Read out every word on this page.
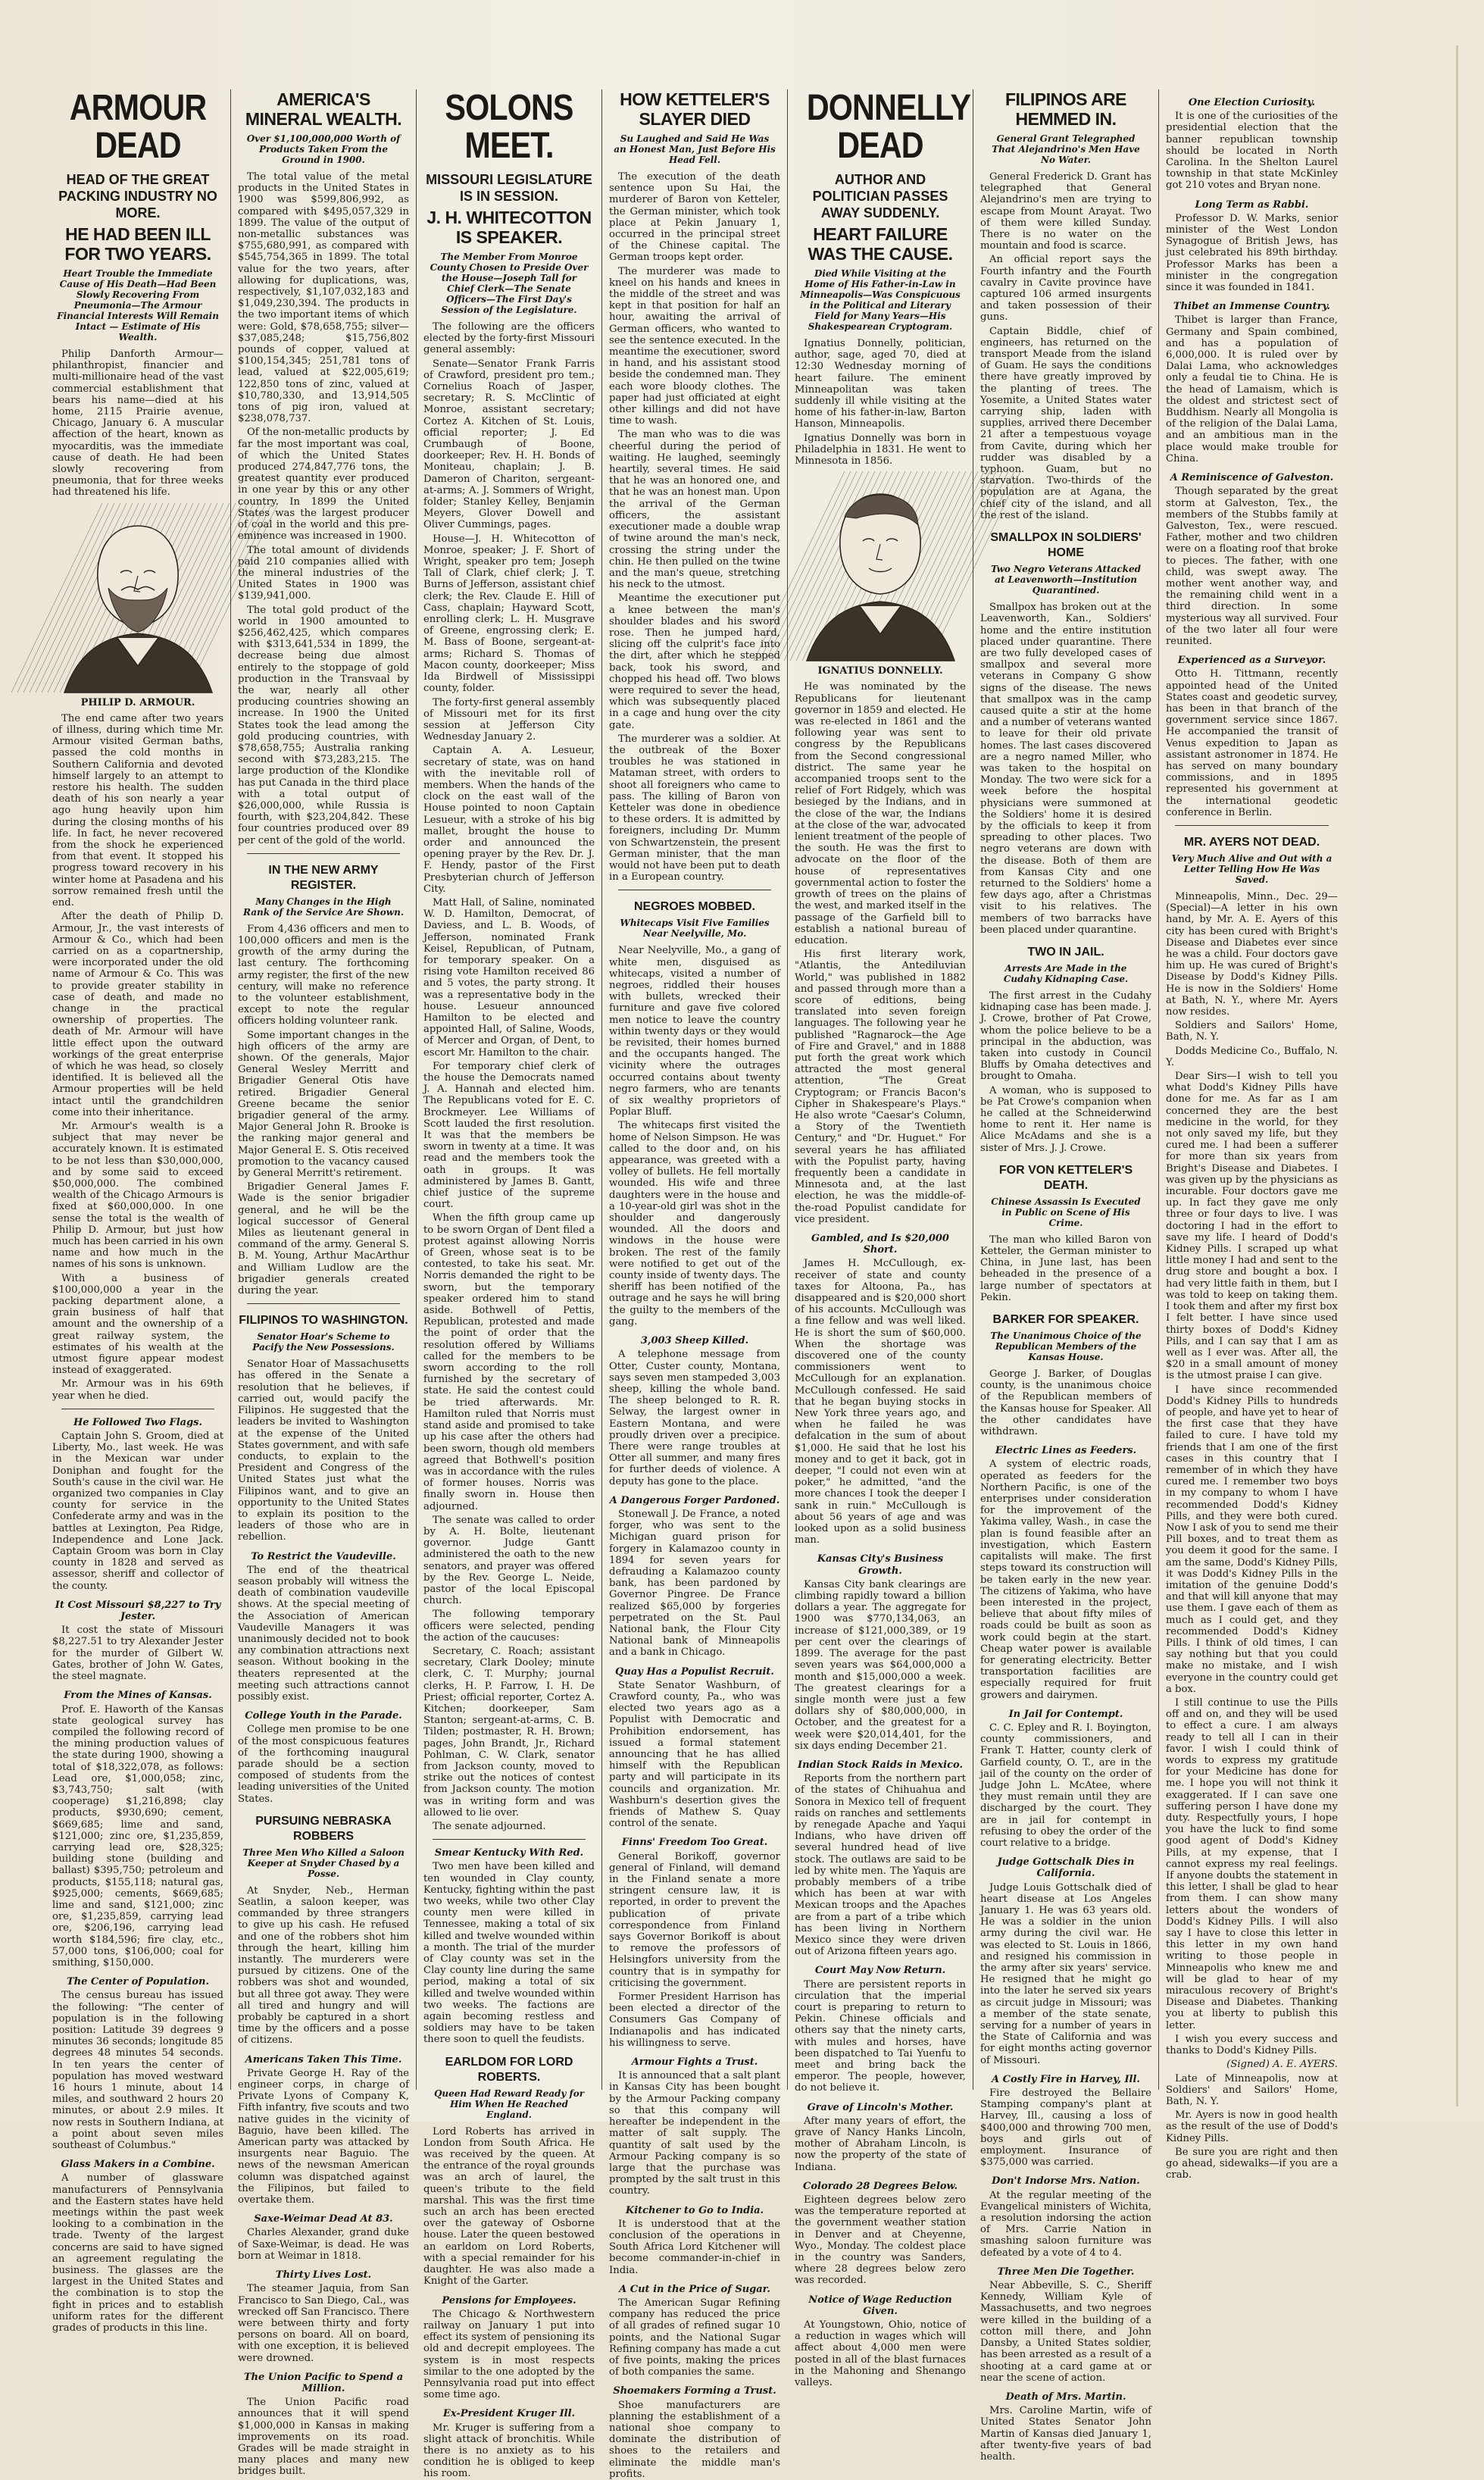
ARMOUR DEAD
HEAD OF THE GREAT PACKING INDUSTRY NO MORE.
HE HAD BEEN ILL FOR TWO YEARS.
Heart Trouble the Immediate Cause of His Death—Had Been Slowly Recovering From Pneumonia—The Armour Financial Interests Will Remain Intact — Estimate of His Wealth.

Philip Danforth Armour—philanthropist, financier and multi-millionaire head of the vast commercial establishment that bears his name—died at his home, 2115 Prairie avenue, Chicago, January 6. A muscular affection of the heart, known as myocarditis, was the immediate cause of death. He had been slowly recovering from pneumonia, that for three weeks had threatened his life.

PHILIP D. ARMOUR.

The end came after two years of illness, during which time Mr. Armour visited German baths, passed the cold months in Southern California and devoted himself largely to an attempt to restore his health. The sudden death of his son nearly a year ago hung heavily upon him during the closing months of his life. In fact, he never recovered from the shock he experienced from that event. It stopped his progress toward recovery in his winter home at Pasadena and his sorrow remained fresh until the end.

After the death of Philip D. Armour, Jr., the vast interests of Armour & Co., which had been carried on as a copartnership, were incorporated under the old name of Armour & Co. This was to provide greater stability in case of death, and made no change in the practical ownership of properties. The death of Mr. Armour will have little effect upon the outward workings of the great enterprise of which he was head, so closely identified. It is believed all the Armour properties will be held intact until the grandchildren come into their inheritance.

Mr. Armour's wealth is a subject that may never be accurately known. It is estimated to be not less than $30,000,000, and by some said to exceed $50,000,000. The combined wealth of the Chicago Armours is fixed at $60,000,000. In one sense the total is the wealth of Philip D. Armour, but just how much has been carried in his own name and how much in the names of his sons is unknown.

With a business of $100,000,000 a year in the packing department alone, a grain business of half that amount and the ownership of a great railway system, the estimates of his wealth at the utmost figure appear modest instead of exaggerated.

Mr. Armour was in his 69th year when he died.

He Followed Two Flags.

Captain John S. Groom, died at Liberty, Mo., last week. He was in the Mexican war under Doniphan and fought for the South's cause in the civil war. He organized two companies in Clay county for service in the Confederate army and was in the battles at Lexington, Pea Ridge, Independence and Lone Jack. Captain Groom was born in Clay county in 1828 and served as assessor, sheriff and collector of the county.

It Cost Missouri $8,227 to Try Jester.

It cost the state of Missouri $8,227.51 to try Alexander Jester for the murder of Gilbert W. Gates, brother of John W. Gates, the steel magnate.

From the Mines of Kansas.

Prof. E. Haworth of the Kansas state geological survey has compiled the following record of the mining production values of the state during 1900, showing a total of $18,322,078, as follows: Lead ore, $1,000,058; zinc, $3,743,750; salt (with cooperage) $1,216,898; clay products, $930,690; cement, $669,685; lime and sand, $121,000; zinc ore, $1,235,859, carrying lead ore, $28,325; building stone (building and ballast) $395,750; petroleum and products, $155,118; natural gas, $925,000; cements, $669,685; lime and sand, $121,000; zinc ore, $1,235,859, carrying lead ore, $206,196, carrying lead worth $184,596; fire clay, etc., 57,000 tons, $106,000; coal for smithing, $150,000.

The Center of Population.

The census bureau has issued the following: "The center of population is in the following position: Latitude 39 degrees 9 minutes 36 seconds; longitude 85 degrees 48 minutes 54 seconds. In ten years the center of population has moved westward 16 hours 1 minute, about 14 miles, and southward 2 hours 20 minutes, or about 2.9 miles. It now rests in Southern Indiana, at a point about seven miles southeast of Columbus."

Glass Makers in a Combine.

A number of glassware manufacturers of Pennsylvania and the Eastern states have held meetings within the past week looking to a combination in the trade. Twenty of the largest concerns are said to have signed an agreement regulating the business. The glasses are the largest in the United States and the combination is to stop the fight in prices and to establish uniform rates for the different grades of products in this line.

AMERICA'S MINERAL WEALTH.
Over $1,100,000,000 Worth of Products Taken From the Ground in 1900.

The total value of the metal products in the United States in 1900 was $599,806,992, as compared with $495,057,329 in 1899. The value of the output of non-metallic substances was $755,680,991, as compared with $545,754,365 in 1899. The total value for the two years, after allowing for duplications, was, respectively, $1,107,032,183 and $1,049,230,394. The products in the two important items of which were: Gold, $78,658,755; silver—$37,085,248; $15,756,802 pounds of copper, valued at $100,154,345; 251,781 tons of lead, valued at $22,005,619; 122,850 tons of zinc, valued at $10,780,330, and 13,914,505 tons of pig iron, valued at $238,078,737.

Of the non-metallic products by far the most important was coal, of which the United States produced 274,847,776 tons, the greatest quantity ever produced in one year by this or any other country. In 1899 the United States was the largest producer of coal in the world and this pre-eminence was increased in 1900.

The total amount of dividends paid 210 companies allied with the mineral industries of the United States in 1900 was $139,941,000.

The total gold product of the world in 1900 amounted to $256,462,425, which compares with $313,641,534 in 1899, the decrease being due almost entirely to the stoppage of gold production in the Transvaal by the war, nearly all other producing countries showing an increase. In 1900 the United States took the lead among the gold producing countries, with $78,658,755; Australia ranking second with $73,283,215. The large production of the Klondike has put Canada in the third place with a total output of $26,000,000, while Russia is fourth, with $23,204,842. These four countries produced over 89 per cent of the gold of the world.

IN THE NEW ARMY REGISTER.
Many Changes in the High Rank of the Service Are Shown.

From 4,436 officers and men to 100,000 officers and men is the growth of the army during the last century. The forthcoming army register, the first of the new century, will make no reference to the volunteer establishment, except to note the regular officers holding volunteer rank.

Some important changes in the high officers of the army are shown. Of the generals, Major General Wesley Merritt and Brigadier General Otis have retired. Brigadier General Greene became the senior brigadier general of the army. Major General John R. Brooke is the ranking major general and Major General E. S. Otis received promotion to the vacancy caused by General Merritt's retirement.

Brigadier General James F. Wade is the senior brigadier general, and he will be the logical successor of General Miles as lieutenant general in command of the army. General S. B. M. Young, Arthur MacArthur and William Ludlow are the brigadier generals created during the year.

FILIPINOS TO WASHINGTON.
Senator Hoar's Scheme to Pacify the New Possessions.

Senator Hoar of Massachusetts has offered in the Senate a resolution that he believes, if carried out, would pacify the Filipinos. He suggested that the leaders be invited to Washington at the expense of the United States government, and with safe conducts, to explain to the President and Congress of the United States just what the Filipinos want, and to give an opportunity to the United States to explain its position to the leaders of those who are in rebellion.

To Restrict the Vaudeville.

The end of the theatrical season probably will witness the death of combination vaudeville shows. At the special meeting of the Association of American Vaudeville Managers it was unanimously decided not to book any combination attractions next season. Without booking in the theaters represented at the meeting such attractions cannot possibly exist.

College Youth in the Parade.

College men promise to be one of the most conspicuous features of the forthcoming inaugural parade should be a section composed of students from the leading universities of the United States.

PURSUING NEBRASKA ROBBERS
Three Men Who Killed a Saloon Keeper at Snyder Chased by a Posse.

At Snyder, Neb., Herman Seatlin, a saloon keeper, was commanded by three strangers to give up his cash. He refused and one of the robbers shot him through the heart, killing him instantly. The murderers were pursued by citizens. One of the robbers was shot and wounded, but all three got away. They were all tired and hungry and will probably be captured in a short time by the officers and a posse of citizens.

Americans Taken This Time.

Private George H. Ray of the engineer corps, in charge of Private Lyons of Company K, Fifth infantry, five scouts and two native guides in the vicinity of Baguio, have been killed. The American party was attacked by insurgents near Baguio. The news of the newsman American column was dispatched against the Filipinos, but failed to overtake them.

Saxe-Weimar Dead At 83.

Charles Alexander, grand duke of Saxe-Weimar, is dead. He was born at Weimar in 1818.

Thirty Lives Lost.

The steamer Jaquia, from San Francisco to San Diego, Cal., was wrecked off San Francisco. There were between thirty and forty persons on board. All on board, with one exception, it is believed were drowned.

The Union Pacific to Spend a Million.

The Union Pacific road announces that it will spend $1,000,000 in Kansas in making improvements on its road. Grades will be made straight in many places and many new bridges built.

SOLONS MEET.
MISSOURI LEGISLATURE IS IN SESSION.
J. H. WHITECOTTON IS SPEAKER.
The Member From Monroe County Chosen to Preside Over the House—Joseph Tall for Chief Clerk—The Senate Officers—The First Day's Session of the Legislature.

The following are the officers elected by the forty-first Missouri general assembly:

Senate—Senator Frank Farris of Crawford, president pro tem.; Cornelius Roach of Jasper, secretary; R. S. McClintic of Monroe, assistant secretary; Cortez A. Kitchen of St. Louis, official reporter; J. Ed Crumbaugh of Boone, doorkeeper; Rev. H. H. Bonds of Moniteau, chaplain; J. B. Dameron of Chariton, sergeant-at-arms; A. J. Sommers of Wright, folder; Stanley Kelley, Benjamin Meyers, Glover Dowell and Oliver Cummings, pages.

House—J. H. Whitecotton of Monroe, speaker; J. F. Short of Wright, speaker pro tem; Joseph Tall of Clark, chief clerk; J. T. Burns of Jefferson, assistant chief clerk; the Rev. Claude E. Hill of Cass, chaplain; Hayward Scott, enrolling clerk; L. H. Musgrave of Greene, engrossing clerk; E. M. Bass of Boone, sergeant-at-arms; Richard S. Thomas of Macon county, doorkeeper; Miss Ida Birdwell of Mississippi county, folder.

The forty-first general assembly of Missouri met for its first session at Jefferson City Wednesday January 2.

Captain A. A. Lesueur, secretary of state, was on hand with the inevitable roll of members. When the hands of the clock on the east wall of the House pointed to noon Captain Lesueur, with a stroke of his big mallet, brought the house to order and announced the opening prayer by the Rev. Dr. J. F. Hendy, pastor of the First Presbyterian church of Jefferson City.

Matt Hall, of Saline, nominated W. D. Hamilton, Democrat, of Daviess, and L. B. Woods, of Jefferson, nominated Frank Keisel, Republican, of Putnam, for temporary speaker. On a rising vote Hamilton received 86 and 5 votes, the party strong. It was a representative body in the house. Lesueur announced Hamilton to be elected and appointed Hall, of Saline, Woods, of Mercer and Organ, of Dent, to escort Mr. Hamilton to the chair.

For temporary chief clerk of the house the Democrats named J. A. Hannah and elected him. The Republicans voted for E. C. Brockmeyer. Lee Williams of Scott lauded the first resolution. It was that the members be sworn in twenty at a time. It was read and the members took the oath in groups. It was administered by James B. Gantt, chief justice of the supreme court.

When the fifth group came up to be sworn Organ of Dent filed a protest against allowing Norris of Green, whose seat is to be contested, to take his seat. Mr. Norris demanded the right to be sworn, but the temporary speaker ordered him to stand aside. Bothwell of Pettis, Republican, protested and made the point of order that the resolution offered by Williams called for the members to be sworn according to the roll furnished by the secretary of state. He said the contest could be tried afterwards. Mr. Hamilton ruled that Norris must stand aside and promised to take up his case after the others had been sworn, though old members agreed that Bothwell's position was in accordance with the rules of former houses. Norris was finally sworn in. House then adjourned.

The senate was called to order by A. H. Bolte, lieutenant governor. Judge Gantt administered the oath to the new senators, and prayer was offered by the Rev. George L. Neide, pastor of the local Episcopal church.

The following temporary officers were selected, pending the action of the caucuses:

Secretary, C. Roach; assistant secretary, Clark Dooley; minute clerk, C. T. Murphy; journal clerks, H. P. Farrow, I. H. De Priest; official reporter, Cortez A. Kitchen; doorkeeper, Sam Stanton; sergeant-at-arms, C. B. Tilden; postmaster, R. H. Brown; pages, John Brandt, Jr., Richard Pohlman, C. W. Clark, senator from Jackson county, moved to strike out the notices of contest from Jackson county. The motion was in writing form and was allowed to lie over.

The senate adjourned.

Smear Kentucky With Red.

Two men have been killed and ten wounded in Clay county, Kentucky, fighting within the past two weeks, while two other Clay county men were killed in Tennessee, making a total of six killed and twelve wounded within a month. The trial of the murder of Clay county was set in the Clay county line during the same period, making a total of six killed and twelve wounded within two weeks. The factions are again becoming restless and soldiers may have to be taken there soon to quell the feudists.

EARLDOM FOR LORD ROBERTS.
Queen Had Reward Ready for Him When He Reached England.

Lord Roberts has arrived in London from South Africa. He was received by the queen. At the entrance of the royal grounds was an arch of laurel, the queen's tribute to the field marshal. This was the first time such an arch has been erected over the gateway of Osborne house. Later the queen bestowed an earldom on Lord Roberts, with a special remainder for his daughter. He was also made a Knight of the Garter.

Pensions for Employees.

The Chicago & Northwestern railway on January 1 put into effect its system of pensioning its old and decrepit employees. The system is in most respects similar to the one adopted by the Pennsylvania road put into effect some time ago.

Ex-President Kruger Ill.

Mr. Kruger is suffering from a slight attack of bronchitis. While there is no anxiety as to his condition he is obliged to keep his room.

HOW KETTELER'S SLAYER DIED
Su Laughed and Said He Was an Honest Man, Just Before His Head Fell.

The execution of the death sentence upon Su Hai, the murderer of Baron von Ketteler, the German minister, which took place at Pekin January 1, occurred in the principal street of the Chinese capital. The German troops kept order.

The murderer was made to kneel on his hands and knees in the middle of the street and was kept in that position for half an hour, awaiting the arrival of German officers, who wanted to see the sentence executed. In the meantime the executioner, sword in hand, and his assistant stood beside the condemned man. They each wore bloody clothes. The paper had just officiated at eight other killings and did not have time to wash.

The man who was to die was cheerful during the period of waiting. He laughed, seemingly heartily, several times. He said that he was an honored one, and that he was an honest man. Upon the arrival of the German officers, the assistant executioner made a double wrap of twine around the man's neck, crossing the string under the chin. He then pulled on the twine and the man's queue, stretching his neck to the utmost.

Meantime the executioner put a knee between the man's shoulder blades and his sword rose. Then he jumped hard, slicing off the culprit's face into the dirt, after which he stepped back, took his sword, and chopped his head off. Two blows were required to sever the head, which was subsequently placed in a cage and hung over the city gate.

The murderer was a soldier. At the outbreak of the Boxer troubles he was stationed in Mataman street, with orders to shoot all foreigners who came to pass. The killing of Baron von Ketteler was done in obedience to these orders. It is admitted by foreigners, including Dr. Mumm von Schwartzenstein, the present German minister, that the man would not have been put to death in a European country.

NEGROES MOBBED.
Whitecaps Visit Five Families Near Neelyville, Mo.

Near Neelyville, Mo., a gang of white men, disguised as whitecaps, visited a number of negroes, riddled their houses with bullets, wrecked their furniture and gave five colored men notice to leave the country within twenty days or they would be revisited, their homes burned and the occupants hanged. The vicinity where the outrages occurred contains about twenty negro farmers, who are tenants of six wealthy proprietors of Poplar Bluff.

The whitecaps first visited the home of Nelson Simpson. He was called to the door and, on his appearance, was greeted with a volley of bullets. He fell mortally wounded. His wife and three daughters were in the house and a 10-year-old girl was shot in the shoulder and dangerously wounded. All the doors and windows in the house were broken. The rest of the family were notified to get out of the county inside of twenty days. The sheriff has been notified of the outrage and he says he will bring the guilty to the members of the gang.

3,003 Sheep Killed.

A telephone message from Otter, Custer county, Montana, says seven men stampeded 3,003 sheep, killing the whole band. The sheep belonged to R. R. Selway, the largest owner in Eastern Montana, and were proudly driven over a precipice. There were range troubles at Otter all summer, and many fires for further deeds of violence. A deputy has gone to the place.

A Dangerous Forger Pardoned.

Stonewall J. De France, a noted forger, who was sent to the Michigan guard prison for forgery in Kalamazoo county in 1894 for seven years for defrauding a Kalamazoo county bank, has been pardoned by Governor Pingree. De France realized $65,000 by forgeries perpetrated on the St. Paul National bank, the Flour City National bank of Minneapolis and a bank in Chicago.

Quay Has a Populist Recruit.

State Senator Washburn, of Crawford county, Pa., who was elected two years ago as a Populist with Democratic and Prohibition endorsement, has issued a formal statement announcing that he has allied himself with the Republican party and will participate in its councils and organization. Mr. Washburn's desertion gives the friends of Mathew S. Quay control of the senate.

Finns' Freedom Too Great.

General Borikoff, governor general of Finland, will demand in the Finland senate a more stringent censure law, it is reported, in order to prevent the publication of private correspondence from Finland says Governor Borikoff is about to remove the professors of Helsingfors university from the country that is in sympathy for criticising the government.

Former President Harrison has been elected a director of the Consumers Gas Company of Indianapolis and has indicated his willingness to serve.

Armour Fights a Trust.

It is announced that a salt plant in Kansas City has been bought by the Armour Packing company so that this company will hereafter be independent in the matter of salt supply. The quantity of salt used by the Armour Packing company is so large that the purchase was prompted by the salt trust in this country.

Kitchener to Go to India.

It is understood that at the conclusion of the operations in South Africa Lord Kitchener will become commander-in-chief in India.

A Cut in the Price of Sugar.

The American Sugar Refining company has reduced the price of all grades of refined sugar 10 points, and the National Sugar Refining company has made a cut of five points, making the prices of both companies the same.

Shoemakers Forming a Trust.

Shoe manufacturers are planning the establishment of a national shoe company to dominate the distribution of shoes to the retailers and eliminate the middle man's profits.

DONNELLY DEAD
AUTHOR AND POLITICIAN PASSES AWAY SUDDENLY.
HEART FAILURE WAS THE CAUSE.
Died While Visiting at the Home of His Father-in-Law in Minneapolis—Was Conspicuous in the Political and Literary Field for Many Years—His Shakespearean Cryptogram.

Ignatius Donnelly, politician, author, sage, aged 70, died at 12:30 Wednesday morning of heart failure. The eminent Minneapolitan was taken suddenly ill while visiting at the home of his father-in-law, Barton Hanson, Minneapolis.

Ignatius Donnelly was born in Philadelphia in 1831. He went to Minnesota in 1856.

IGNATIUS DONNELLY.

He was nominated by the Republicans for lieutenant governor in 1859 and elected. He was re-elected in 1861 and the following year was sent to congress by the Republicans from the Second congressional district. The same year he accompanied troops sent to the relief of Fort Ridgely, which was besieged by the Indians, and in the close of the war, the Indians at the close of the war, advocated lenient treatment of the people of the south. He was the first to advocate on the floor of the house of representatives governmental action to foster the growth of trees on the plains of the west, and marked itself in the passage of the Garfield bill to establish a national bureau of education.

His first literary work, "Atlantis, the Antediluvian World," was published in 1882 and passed through more than a score of editions, being translated into seven foreign languages. The following year he published "Ragnarock—the Age of Fire and Gravel," and in 1888 put forth the great work which attracted the most general attention, "The Great Cryptogram; or Francis Bacon's Cipher in Shakespeare's Plays." He also wrote "Caesar's Column, a Story of the Twentieth Century," and "Dr. Huguet." For several years he has affiliated with the Populist party, having frequently been a candidate in Minnesota and, at the last election, he was the middle-of-the-road Populist candidate for vice president.

Gambled, and Is $20,000 Short.

James H. McCullough, ex-receiver of state and county taxes for Altoona, Pa., has disappeared and is $20,000 short of his accounts. McCullough was a fine fellow and was well liked. He is short the sum of $60,000. When the shortage was discovered one of the county commissioners went to McCullough for an explanation. McCullough confessed. He said that he began buying stocks in New York three years ago, and when he failed he was defalcation in the sum of about $1,000. He said that he lost his money and to get it back, got in deeper, "I could not even win at poker," he admitted, "and the more chances I took the deeper I sank in ruin." McCullough is about 56 years of age and was looked upon as a solid business man.

Kansas City's Business Growth.

Kansas City bank clearings are climbing rapidly toward a billion dollars a year. The aggregate for 1900 was $770,134,063, an increase of $121,000,389, or 19 per cent over the clearings of 1899. The average for the past seven years was $64,000,000 a month and $15,000,000 a week. The greatest clearings for a single month were just a few dollars shy of $80,000,000, in October, and the greatest for a week were $20,014,401, for the six days ending December 21.

Indian Stock Raids in Mexico.

Reports from the northern part of the states of Chihuahua and Sonora in Mexico tell of frequent raids on ranches and settlements by renegade Apache and Yaqui Indians, who have driven off several hundred head of live stock. The outlaws are said to be led by white men. The Yaquis are probably members of a tribe which has been at war with Mexican troops and the Apaches are from a part of a tribe which has been living in Northern Mexico since they were driven out of Arizona fifteen years ago.

Court May Now Return.

There are persistent reports in circulation that the imperial court is preparing to return to Pekin. Chinese officials and others say that the ninety carts, with mules and horses, have been dispatched to Tai Yuenfu to meet and bring back the emperor. The people, however, do not believe it.

Grave of Lincoln's Mother.

After many years of effort, the grave of Nancy Hanks Lincoln, mother of Abraham Lincoln, is now the property of the state of Indiana.

Colorado 28 Degrees Below.

Eighteen degrees below zero was the temperature reported at the government weather station in Denver and at Cheyenne, Wyo., Monday. The coldest place in the country was Sanders, where 28 degrees below zero was recorded.

Notice of Wage Reduction Given.

At Youngstown, Ohio, notice of a reduction in wages which will affect about 4,000 men were posted in all of the blast furnaces in the Mahoning and Shenango valleys.

FILIPINOS ARE HEMMED IN.
General Grant Telegraphed That Alejandrino's Men Have No Water.

General Frederick D. Grant has telegraphed that General Alejandrino's men are trying to escape from Mount Arayat. Two of them were killed Sunday. There is no water on the mountain and food is scarce.

An official report says the Fourth infantry and the Fourth cavalry in Cavite province have captured 106 armed insurgents and taken possession of their guns.

Captain Biddle, chief of engineers, has returned on the transport Meade from the island of Guam. He says the conditions there have greatly improved by the planting of trees. The Yosemite, a United States water carrying ship, laden with supplies, arrived there December 21 after a tempestuous voyage from Cavite, during which her rudder was disabled by a typhoon. Guam, but no starvation. Two-thirds of the population are at Agana, the chief city of the island, and all the rest of the island.

SMALLPOX IN SOLDIERS' HOME
Two Negro Veterans Attacked at Leavenworth—Institution Quarantined.

Smallpox has broken out at the Leavenworth, Kan., Soldiers' home and the entire institution placed under quarantine. There are two fully developed cases of smallpox and several more veterans in Company G show signs of the disease. The news that smallpox was in the camp caused quite a stir at the home and a number of veterans wanted to leave for their old private homes. The last cases discovered are a negro named Miller, who was taken to the hospital on Monday. The two were sick for a week before the hospital physicians were summoned at the Soldiers' home it is desired by the officials to keep it from spreading to other places. Two negro veterans are down with the disease. Both of them are from Kansas City and one returned to the Soldiers' home a few days ago, after a Christmas visit to his relatives. The members of two barracks have been placed under quarantine.

TWO IN JAIL.
Arrests Are Made in the Cudahy Kidnaping Case.

The first arrest in the Cudahy kidnaping case has been made. J. J. Crowe, brother of Pat Crowe, whom the police believe to be a principal in the abduction, was taken into custody in Council Bluffs by Omaha detectives and brought to Omaha.

A woman, who is supposed to be Pat Crowe's companion when he called at the Schneiderwind home to rent it. Her name is Alice McAdams and she is a sister of Mrs. J. J. Crowe.

FOR VON KETTELER'S DEATH.
Chinese Assassin Is Executed in Public on Scene of His Crime.

The man who killed Baron von Ketteler, the German minister to China, in June last, has been beheaded in the presence of a large number of spectators at Pekin.

BARKER FOR SPEAKER.
The Unanimous Choice of the Republican Members of the Kansas House.

George J. Barker, of Douglas county, is the unanimous choice of the Republican members of the Kansas house for Speaker. All the other candidates have withdrawn.

Electric Lines as Feeders.

A system of electric roads, operated as feeders for the Northern Pacific, is one of the enterprises under consideration for the improvement of the Yakima valley, Wash., in case the plan is found feasible after an investigation, which Eastern capitalists will make. The first steps toward its construction will be taken early in the new year. The citizens of Yakima, who have been interested in the project, believe that about fifty miles of roads could be built as soon as work could begin at the start. Cheap water power is available for generating electricity. Better transportation facilities are especially required for fruit growers and dairymen.

In Jail for Contempt.

C. C. Epley and R. I. Boyington, county commissioners, and Frank T. Hatter, county clerk of Garfield county, O. T., are in the jail of the county on the order of Judge John L. McAtee, where they must remain until they are discharged by the court. They are in jail for contempt in refusing to obey the order of the court relative to a bridge.

Judge Gottschalk Dies in California.

Judge Louis Gottschalk died of heart disease at Los Angeles January 1. He was 63 years old. He was a soldier in the union army during the civil war. He was elected to St. Louis in 1866, and resigned his commission in the army after six years' service. He resigned that he might go into the later he served six years as circuit judge in Missouri; was a member of the state senate, serving for a number of years in the State of California and was for eight months acting governor of Missouri.

A Costly Fire in Harvey, Ill.

Fire destroyed the Bellaire Stamping company's plant at Harvey, Ill., causing a loss of $400,000 and throwing 700 men, boys and girls out of employment. Insurance of $375,000 was carried.

Don't Indorse Mrs. Nation.

At the regular meeting of the Evangelical ministers of Wichita, a resolution indorsing the action of Mrs. Carrie Nation in smashing saloon furniture was defeated by a vote of 4 to 4.

Three Men Die Together.

Near Abbeville, S. C., Sheriff Kennedy, William Kyle of Massachusetts, and two negroes were killed in the building of a cotton mill there, and John Dansby, a United States soldier, has been arrested as a result of a shooting at a card game at or near the scene of action.

Death of Mrs. Martin.

Mrs. Caroline Martin, wife of United States Senator John Martin of Kansas died January 1, after twenty-five years of bad health.

One Election Curiosity.

It is one of the curiosities of the presidential election that the banner republican township should be located in North Carolina. In the Shelton Laurel township in that state McKinley got 210 votes and Bryan none.

Long Term as Rabbi.

Professor D. W. Marks, senior minister of the West London Synagogue of British Jews, has just celebrated his 89th birthday. Professor Marks has been a minister in the congregation since it was founded in 1841.

Thibet an Immense Country.

Thibet is larger than France, Germany and Spain combined, and has a population of 6,000,000. It is ruled over by Dalai Lama, who acknowledges only a feudal tie to China. He is the head of Lamaism, which is the oldest and strictest sect of Buddhism. Nearly all Mongolia is of the religion of the Dalai Lama, and an ambitious man in the place would make trouble for China.

A Reminiscence of Galveston.

Though separated by the great storm at Galveston, Tex., the members of the Stubbs family at Galveston, Tex., were rescued. Father, mother and two children were on a floating roof that broke to pieces. The father, with one child, was swept away. The mother went another way, and the remaining child went in a third direction. In some mysterious way all survived. Four of the two later all four were reunited.

Experienced as a Surveyor.

Otto H. Tittmann, recently appointed head of the United States coast and geodetic survey, has been in that branch of the government service since 1867. He accompanied the transit of Venus expedition to Japan as assistant astronomer in 1874. He has served on many boundary commissions, and in 1895 represented his government at the international geodetic conference in Berlin.

MR. AYERS NOT DEAD.
Very Much Alive and Out with a Letter Telling How He Was Saved.

Minneapolis, Minn., Dec. 29—(Special)—A letter in his own hand, by Mr. A. E. Ayers of this city has been cured with Bright's Disease and Diabetes ever since he was a child. Four doctors gave him up. He was cured of Bright's Disease by Dodd's Kidney Pills. He is now in the Soldiers' Home at Bath, N. Y., where Mr. Ayers now resides.

Soldiers and Sailors' Home, Bath, N. Y.

Dodds Medicine Co., Buffalo, N. Y.

Dear Sirs—I wish to tell you what Dodd's Kidney Pills have done for me. As far as I am concerned they are the best medicine in the world, for they not only saved my life, but they cured me. I had been a sufferer for more than six years from Bright's Disease and Diabetes. I was given up by the physicians as incurable. Four doctors gave me up. In fact they gave me only three or four days to live. I was doctoring I had in the effort to save my life. I heard of Dodd's Kidney Pills. I scraped up what little money I had and sent to the drug store and bought a box. I had very little faith in them, but I was told to keep on taking them. I took them and after my first box I felt better. I have since used thirty boxes of Dodd's Kidney Pills, and I can say that I am as well as I ever was. After all, the $20 in a small amount of money is the utmost praise I can give.

I have since recommended Dodd's Kidney Pills to hundreds of people, and have yet to hear of the first case that they have failed to cure. I have told my friends that I am one of the first cases in this country that I remember of in which they have cured me. I remember two boys in my company to whom I have recommended Dodd's Kidney Pills, and they were both cured. Now I ask of you to send me their Pill boxes, and to treat them as you deem it good for the same. I am the same, Dodd's Kidney Pills, it was Dodd's Kidney Pills in the imitation of the genuine Dodd's and that will kill anyone that may use them. I gave each of them as much as I could get, and they recommended Dodd's Kidney Pills. I think of old times, I can say nothing but that you could make no mistake, and I wish everyone in the country could get a box.

I still continue to use the Pills off and on, and they will be used to effect a cure. I am always ready to tell all I can in their favor. I wish I could think of words to express my gratitude for your Medicine has done for me. I hope you will not think it exaggerated. If I can save one suffering person I have done my duty. Respectfully yours, I hope you have the luck to find some good agent of Dodd's Kidney Pills, at my expense, that I cannot express my real feelings. If anyone doubts the statement in this letter, I shall be glad to hear from them. I can show many letters about the wonders of Dodd's Kidney Pills. I will also say I have to close this letter in this letter in my own hand writing to those people in Minneapolis who knew me and will be glad to hear of my miraculous recovery of Bright's Disease and Diabetes. Thanking you at liberty to publish this letter.

I wish you every success and thanks to Dodd's Kidney Pills.

(Signed) A. E. AYERS.

Late of Minneapolis, now at Soldiers' and Sailors' Home, Bath, N. Y.

Mr. Ayers is now in good health as the result of the use of Dodd's Kidney Pills.

Be sure you are right and then go ahead, sidewalks—if you are a crab.
